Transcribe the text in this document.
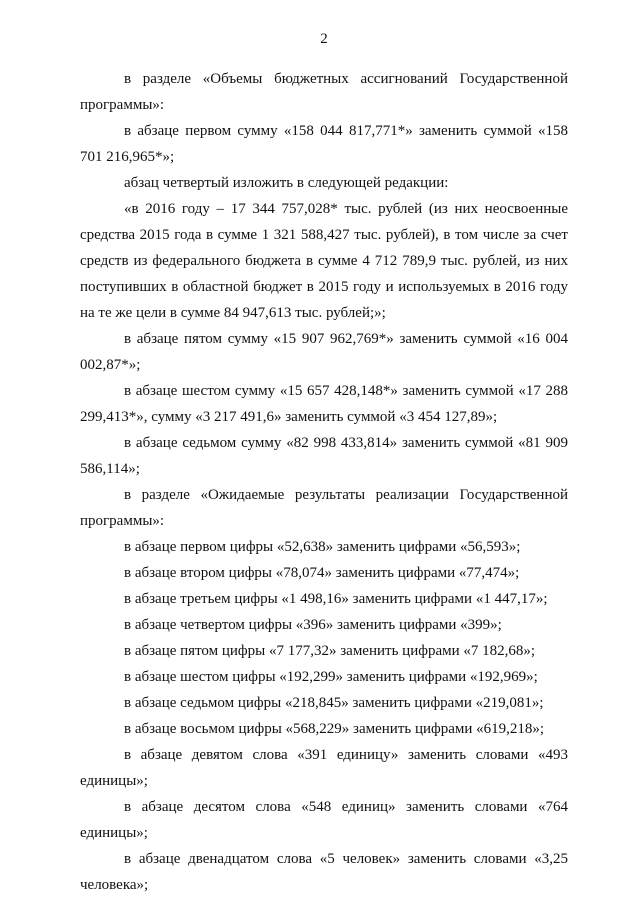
2

в разделе «Объемы бюджетных ассигнований Государственной программы»:

в абзаце первом сумму «158 044 817,771*» заменить суммой «158 701 216,965*»;

абзац четвертый изложить в следующей редакции:

«в 2016 году – 17 344 757,028* тыс. рублей (из них неосвоенные средства 2015 года в сумме 1 321 588,427 тыс. рублей), в том числе за счет средств из федерального бюджета в сумме 4 712 789,9 тыс. рублей, из них поступивших в областной бюджет в 2015 году и используемых в 2016 году на те же цели в сумме 84 947,613 тыс. рублей;»;

в абзаце пятом сумму «15 907 962,769*» заменить суммой «16 004 002,87*»;

в абзаце шестом сумму «15 657 428,148*» заменить суммой «17 288 299,413*», сумму «3 217 491,6» заменить суммой «3 454 127,89»;

в абзаце седьмом сумму «82 998 433,814» заменить суммой «81 909 586,114»;

в разделе «Ожидаемые результаты реализации Государственной программы»:

в абзаце первом цифры «52,638» заменить цифрами «56,593»;

в абзаце втором цифры «78,074» заменить цифрами «77,474»;

в абзаце третьем цифры «1 498,16» заменить цифрами «1 447,17»;

в абзаце четвертом цифры «396» заменить цифрами «399»;

в абзаце пятом цифры «7 177,32» заменить цифрами «7 182,68»;

в абзаце шестом цифры «192,299» заменить цифрами «192,969»;

в абзаце седьмом цифры «218,845» заменить цифрами «219,081»;

в абзаце восьмом цифры «568,229» заменить цифрами «619,218»;

в абзаце девятом слова «391 единицу» заменить словами «493 единицы»;

в абзаце десятом слова «548 единиц» заменить словами «764 единицы»;

в абзаце двенадцатом слова «5 человек» заменить словами «3,25 человека»;
